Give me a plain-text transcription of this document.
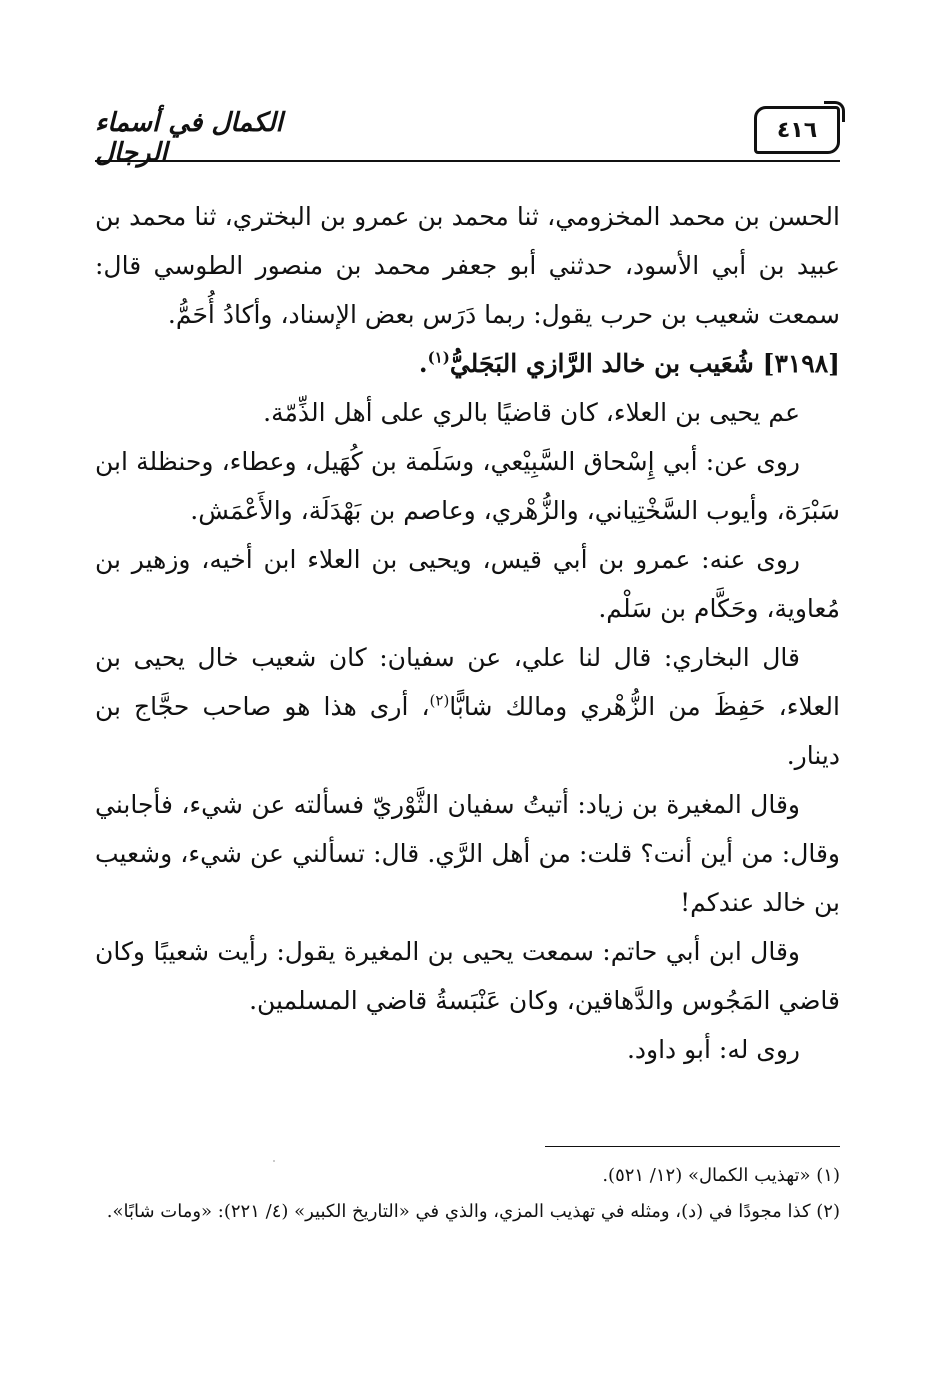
٤١٦
الكمال في أسماء الرجال

الحسن بن محمد المخزومي، ثنا محمد بن عمرو بن البختري، ثنا محمد بن عبيد بن أبي الأسود، حدثني أبو جعفر محمد بن منصور الطوسي قال: سمعت شعيب بن حرب يقول: ربما دَرَس بعض الإسناد، وأكادُ أُحَمُّ.

[٣١٩٨] شُعَيب بن خالد الرَّازي البَجَليُّ$^{(١)}$.

عم يحيى بن العلاء، كان قاضيًا بالري على أهل الذِّمّة.

روى عن: أبي إِسْحاق السَّبِيْعي، وسَلَمة بن كُهَيل، وعطاء، وحنظلة ابن سَبْرَة، وأيوب السَّخْتِياني، والزُّهْري، وعاصم بن بَهْدَلَة، والأَعْمَش.

روى عنه: عمرو بن أبي قيس، ويحيى بن العلاء ابن أخيه، وزهير بن مُعاوية، وحَكَّام بن سَلْم.

قال البخاري: قال لنا علي، عن سفيان: كان شعيب خال يحيى بن العلاء، حَفِظَ من الزُّهْري ومالك شابًّا$^{(٢)}$، أرى هذا هو صاحب حجَّاج بن دينار.

وقال المغيرة بن زياد: أتيتُ سفيان الثَّوْريّ فسألته عن شيء، فأجابني وقال: من أين أنت؟ قلت: من أهل الرَّي. قال: تسألني عن شيء، وشعيب بن خالد عندكم!

وقال ابن أبي حاتم: سمعت يحيى بن المغيرة يقول: رأيت شعيبًا وكان قاضي المَجُوس والدَّهاقين، وكان عَنْبَسةُ قاضي المسلمين.

روى له: أبو داود.

(١) «تهذيب الكمال» (١٢/ ٥٢١).

(٢) كذا مجودًا في (د)، ومثله في تهذيب المزي، والذي في «التاريخ الكبير» (٤/ ٢٢١): «ومات شابًا».
